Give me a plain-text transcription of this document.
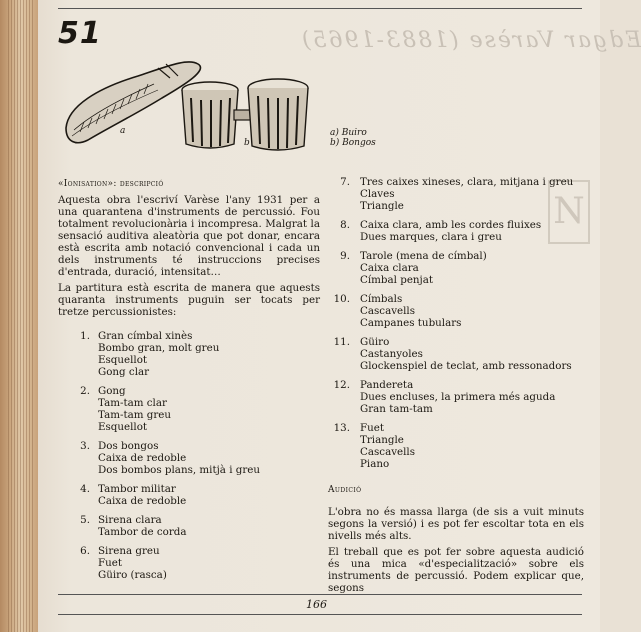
51	Edgar Varèse (1883-1965)
N
a
b
a) Buiro
b) Bongos
«Ionisation»: descripció

Aquesta obra l'escriví Varèse l'any 1931 per a una quarantena d'instruments de percussió. Fou totalment revolucionària i incompresa. Malgrat la sensació auditiva aleatòria que pot donar, encara està escrita amb notació convencional i cada un dels instruments té instruccions precises d'entrada, duració, intensitat…

La partitura està escrita de manera que aquests quaranta instruments puguin ser tocats per tretze percussionistes:

1. Gran címbal xinès
Bombo gran, molt greu
Esquellot
Gong clar
2. Gong
Tam-tam clar
Tam-tam greu
Esquellot
3. Dos bongos
Caixa de redoble
Dos bombos plans, mitjà i greu
4. Tambor militar
Caixa de redoble
5. Sirena clara
Tambor de corda
6. Sirena greu
Fuet
Güiro (rasca)
7. Tres caixes xineses, clara, mitjana i greu
Claves
Triangle
8. Caixa clara, amb les cordes fluixes
Dues marques, clara i greu
9. Tarole (mena de címbal)
Caixa clara
Címbal penjat
10. Címbals
Cascavells
Campanes tubulars
11. Güiro
Castanyoles
Glockenspiel de teclat, amb ressonadors
12. Pandereta
Dues encluses, la primera més aguda
Gran tam-tam
13. Fuet
Triangle
Cascavells
Piano
Audició

L'obra no és massa llarga (de sis a vuit minuts segons la versió) i es pot fer escoltar tota en els nivells més alts.

El treball que es pot fer sobre aquesta audició és una mica «d'especialització» sobre els instruments de percussió. Podem explicar que, segons

166
